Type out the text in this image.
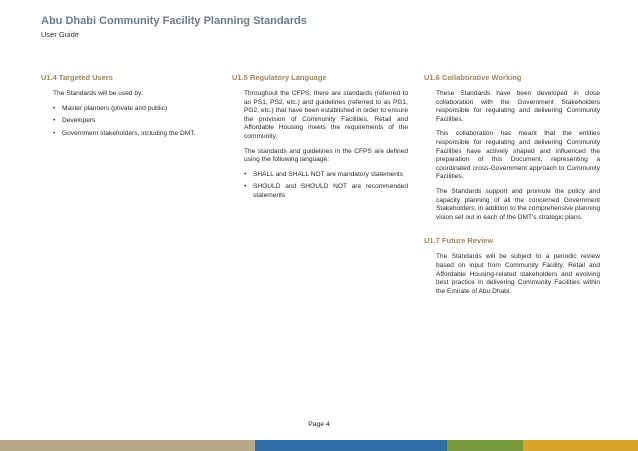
Abu Dhabi Community Facility Planning Standards
User Guide
U1.4 Targeted Users

The Standards will be used by:

• Master planners (private and public)
• Developers
• Government stakeholders, including the DMT.
U1.5 Regulatory Language

Throughout the CFPS, there are standards (referred to as PS1, PS2, etc.) and guidelines (referred to as PG1, PG2, etc.) that have been established in order to ensure the provision of Community Facilities, Retail and Affordable Housing meets the requirements of the community.

The standards and guidelines in the CFPS are defined using the following language:

• SHALL and SHALL NOT are mandatory statements
• SHOULD and SHOULD NOT are recommended statements
U1.6 Collaborative Working

These Standards have been developed in close collaboration with the Government Stakeholders responsible for regulating and delivering Community Facilities.

This collaboration has meant that the entities responsible for regulating and delivering Community Facilities have actively shaped and influenced the preparation of this Document, representing a coordinated cross-Government approach to Community Facilities.

The Standards support and promote the policy and capacity planning of all the concerned Government Stakeholders, in addition to the comprehensive planning vision set out in each of the DMT's strategic plans.

U1.7 Future Review

The Standards will be subject to a periodic review based on input from Community Facility, Retail and Affordable Housing-related stakeholders and evolving best practice in delivering Community Facilities within the Emirate of Abu Dhabi.

Page 4
